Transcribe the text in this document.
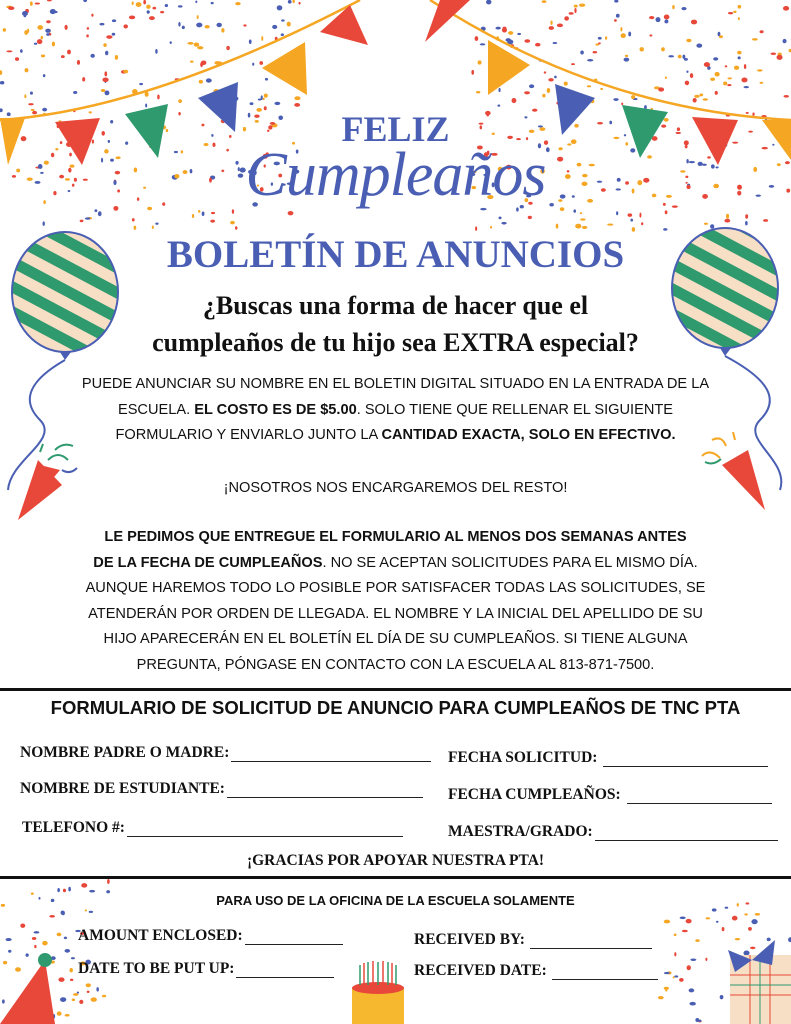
FELIZ
Cumpleaños
BOLETÍN DE ANUNCIOS
¿Buscas una forma de hacer que el
cumpleaños de tu hijo sea EXTRA especial?
PUEDE ANUNCIAR SU NOMBRE EN EL BOLETIN DIGITAL SITUADO EN LA ENTRADA DE LA
ESCUELA. EL COSTO ES DE $5.00. SOLO TIENE QUE RELLENAR EL SIGUIENTE
FORMULARIO Y ENVIARLO JUNTO LA CANTIDAD EXACTA, SOLO EN EFECTIVO.
¡NOSOTROS NOS ENCARGAREMOS DEL RESTO!
LE PEDIMOS QUE ENTREGUE EL FORMULARIO AL MENOS DOS SEMANAS ANTES
DE LA FECHA DE CUMPLEAÑOS. NO SE ACEPTAN SOLICITUDES PARA EL MISMO DÍA.
AUNQUE HAREMOS TODO LO POSIBLE POR SATISFACER TODAS LAS SOLICITUDES, SE
ATENDERÁN POR ORDEN DE LLEGADA. EL NOMBRE Y LA INICIAL DEL APELLIDO DE SU
HIJO APARECERÁN EN EL BOLETÍN EL DÍA DE SU CUMPLEAÑOS. SI TIENE ALGUNA
PREGUNTA, PÓNGASE EN CONTACTO CON LA ESCUELA AL 813-871-7500.
FORMULARIO DE SOLICITUD DE ANUNCIO PARA CUMPLEAÑOS DE TNC PTA
NOMBRE PADRE O MADRE:	FECHA SOLICITUD:
NOMBRE DE ESTUDIANTE:	FECHA CUMPLEAÑOS:
TELEFONO #:	MAESTRA/GRADO:
¡GRACIAS POR APOYAR NUESTRA PTA!
PARA USO DE LA OFICINA DE LA ESCUELA SOLAMENTE
AMOUNT ENCLOSED:	RECEIVED BY:
DATE TO BE PUT UP:	RECEIVED DATE:
